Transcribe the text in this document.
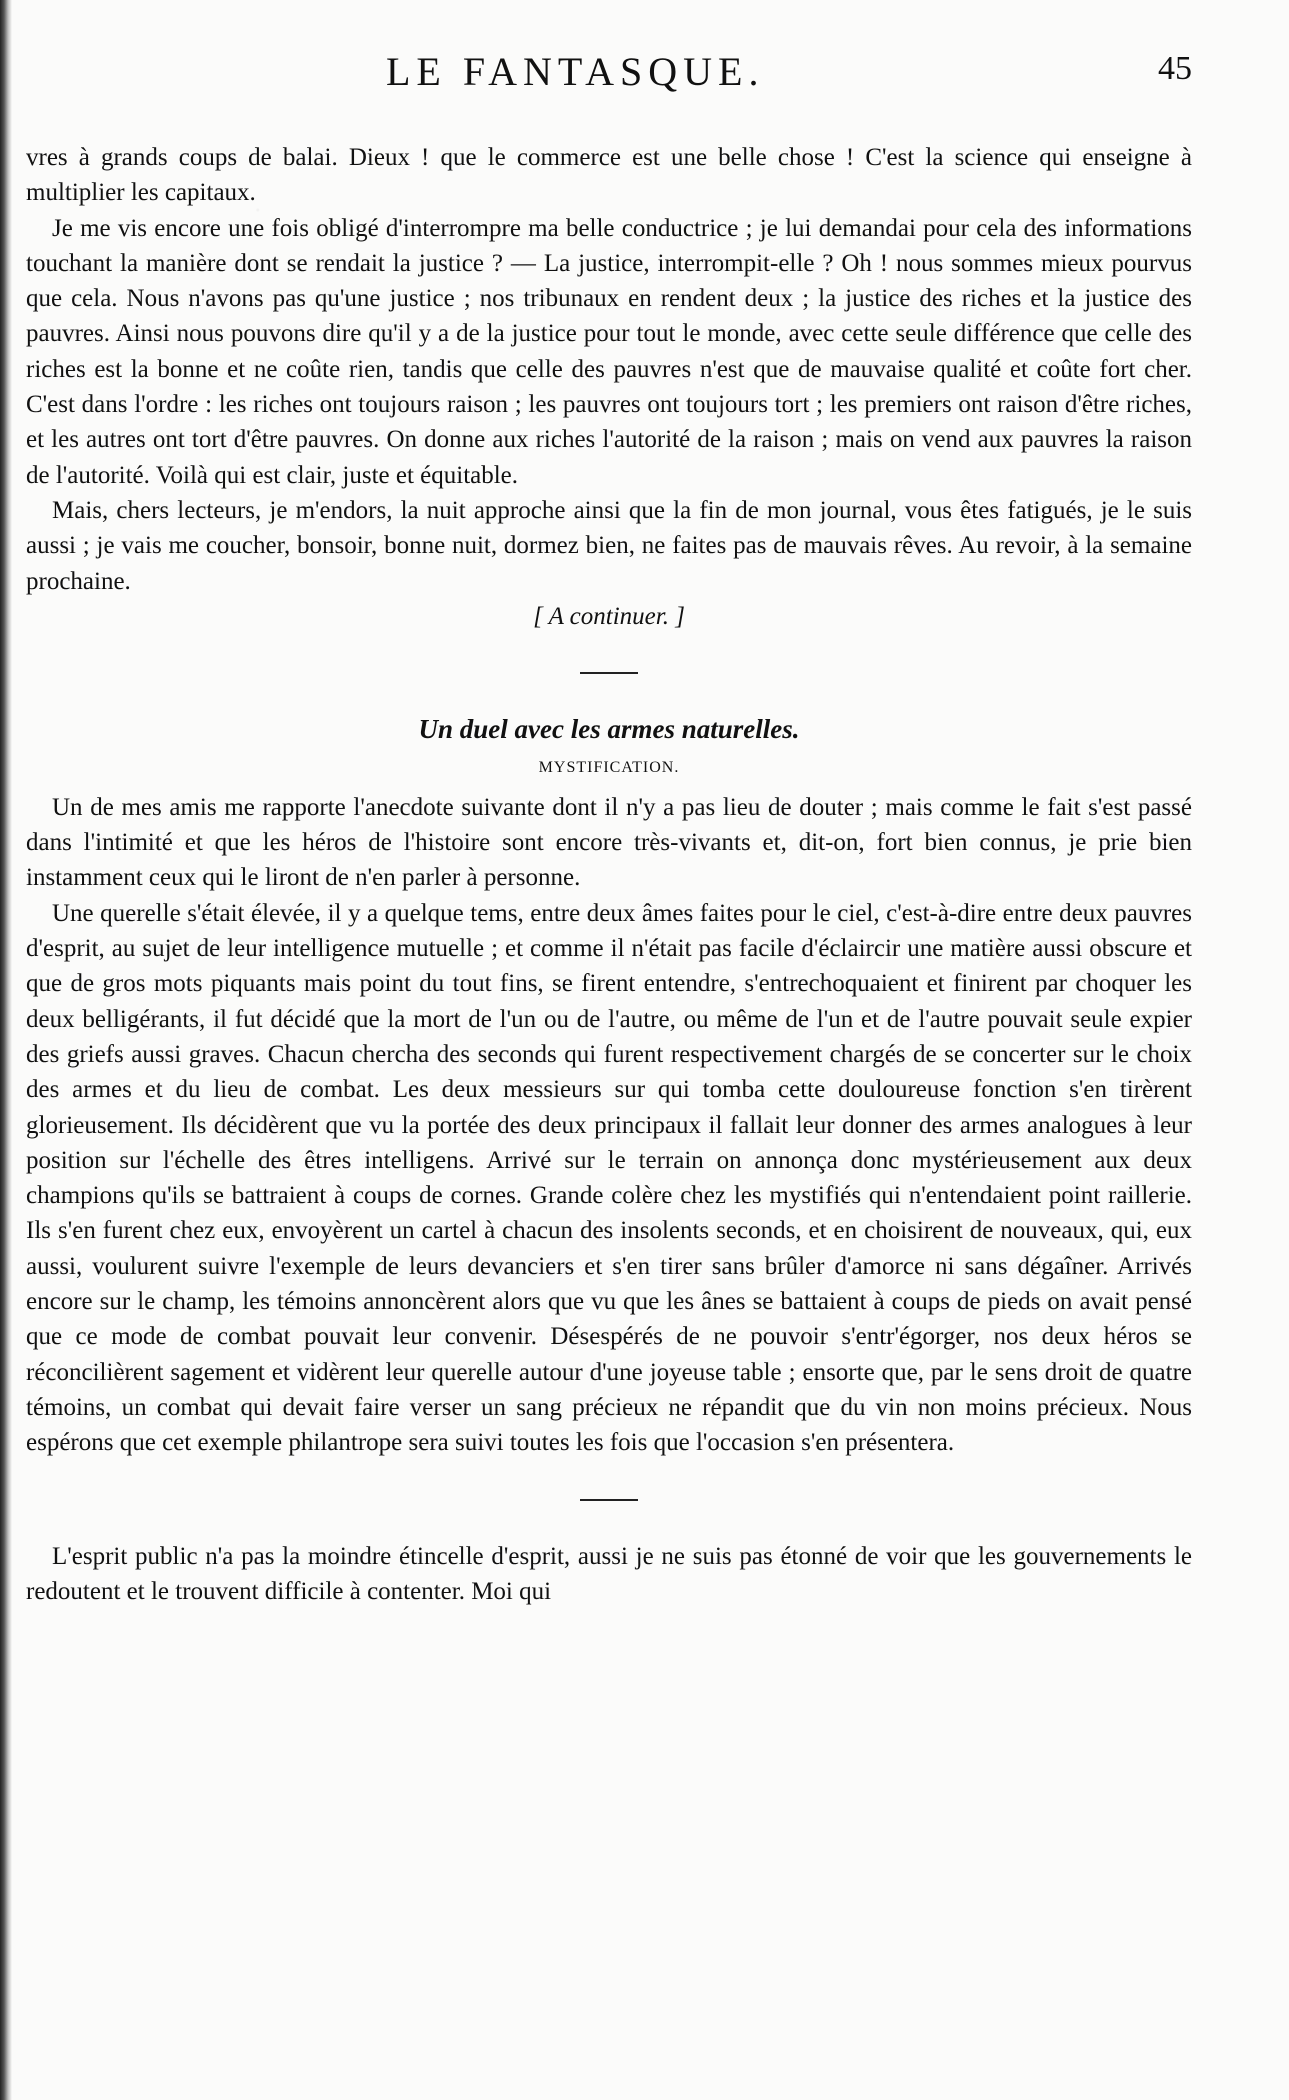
LE FANTASQUE.	45

vres à grands coups de balai. Dieux ! que le commerce est une belle chose ! C'est la science qui enseigne à multiplier les capitaux.

Je me vis encore une fois obligé d'interrompre ma belle conductrice ; je lui demandai pour cela des informations touchant la manière dont se rendait la justice ? — La justice, interrompit-elle ? Oh ! nous sommes mieux pourvus que cela. Nous n'avons pas qu'une justice ; nos tribunaux en rendent deux ; la justice des riches et la justice des pauvres. Ainsi nous pouvons dire qu'il y a de la justice pour tout le monde, avec cette seule différence que celle des riches est la bonne et ne coûte rien, tandis que celle des pauvres n'est que de mauvaise qualité et coûte fort cher. C'est dans l'ordre : les riches ont toujours raison ; les pauvres ont toujours tort ; les premiers ont raison d'être riches, et les autres ont tort d'être pauvres. On donne aux riches l'autorité de la raison ; mais on vend aux pauvres la raison de l'autorité. Voilà qui est clair, juste et équitable.

Mais, chers lecteurs, je m'endors, la nuit approche ainsi que la fin de mon journal, vous êtes fatigués, je le suis aussi ; je vais me coucher, bonsoir, bonne nuit, dormez bien, ne faites pas de mauvais rêves. Au revoir, à la semaine prochaine.

[ A continuer. ]

Un duel avec les armes naturelles.
MYSTIFICATION.

Un de mes amis me rapporte l'anecdote suivante dont il n'y a pas lieu de douter ; mais comme le fait s'est passé dans l'intimité et que les héros de l'histoire sont encore très-vivants et, dit-on, fort bien connus, je prie bien instamment ceux qui le liront de n'en parler à personne.

Une querelle s'était élevée, il y a quelque tems, entre deux âmes faites pour le ciel, c'est-à-dire entre deux pauvres d'esprit, au sujet de leur intelligence mutuelle ; et comme il n'était pas facile d'éclaircir une matière aussi obscure et que de gros mots piquants mais point du tout fins, se firent entendre, s'entrechoquaient et finirent par choquer les deux belligérants, il fut décidé que la mort de l'un ou de l'autre, ou même de l'un et de l'autre pouvait seule expier des griefs aussi graves. Chacun chercha des seconds qui furent respectivement chargés de se concerter sur le choix des armes et du lieu de combat. Les deux messieurs sur qui tomba cette douloureuse fonction s'en tirèrent glorieusement. Ils décidèrent que vu la portée des deux principaux il fallait leur donner des armes analogues à leur position sur l'échelle des êtres intelligens. Arrivé sur le terrain on annonça donc mystérieusement aux deux champions qu'ils se battraient à coups de cornes. Grande colère chez les mystifiés qui n'entendaient point raillerie. Ils s'en furent chez eux, envoyèrent un cartel à chacun des insolents seconds, et en choisirent de nouveaux, qui, eux aussi, voulurent suivre l'exemple de leurs devanciers et s'en tirer sans brûler d'amorce ni sans dégaîner. Arrivés encore sur le champ, les témoins annoncèrent alors que vu que les ânes se battaient à coups de pieds on avait pensé que ce mode de combat pouvait leur convenir. Désespérés de ne pouvoir s'entr'égorger, nos deux héros se réconcilièrent sagement et vidèrent leur querelle autour d'une joyeuse table ; ensorte que, par le sens droit de quatre témoins, un combat qui devait faire verser un sang précieux ne répandit que du vin non moins précieux. Nous espérons que cet exemple philantrope sera suivi toutes les fois que l'occasion s'en présentera.

L'esprit public n'a pas la moindre étincelle d'esprit, aussi je ne suis pas étonné de voir que les gouvernements le redoutent et le trouvent difficile à contenter. Moi qui
